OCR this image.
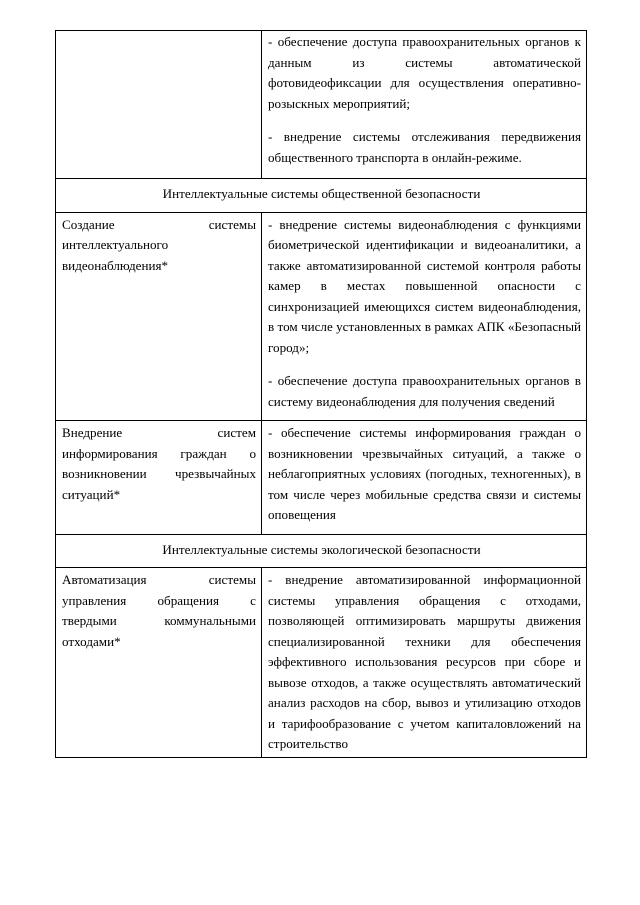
	- обеспечение доступа правоохранительных органов к данным из системы автоматической фотовидеофиксации для осуществления оперативно-розыскных мероприятий;

- внедрение системы отслеживания передвижения общественного транспорта в онлайн-режиме.

Интеллектуальные системы общественной безопасности	

Создание системы интеллектуального видеонаблюдения*	- внедрение системы видеонаблюдения с функциями биометрической идентификации и видеоаналитики, а также автоматизированной системой контроля работы камер в местах повышенной опасности с синхронизацией имеющихся систем видеонаблюдения, в том числе установленных в рамках АПК «Безопасный город»;

- обеспечение доступа правоохранительных органов в систему видеонаблюдения для получения сведений

Внедрение систем информирования граждан о возникновении чрезвычайных ситуаций*	- обеспечение системы информирования граждан о возникновении чрезвычайных ситуаций, а также о неблагоприятных условиях (погодных, техногенных), в том числе через мобильные средства связи и системы оповещения

Интеллектуальные системы экологической безопасности	

Автоматизация системы управления обращения с твердыми коммунальными отходами*	- внедрение автоматизированной информационной системы управления обращения с отходами, позволяющей оптимизировать маршруты движения специализированной техники для обеспечения эффективного использования ресурсов при сборе и вывозе отходов, а также осуществлять автоматический анализ расходов на сбор, вывоз и утилизацию отходов и тарифообразование с учетом капиталовложений на строительство
